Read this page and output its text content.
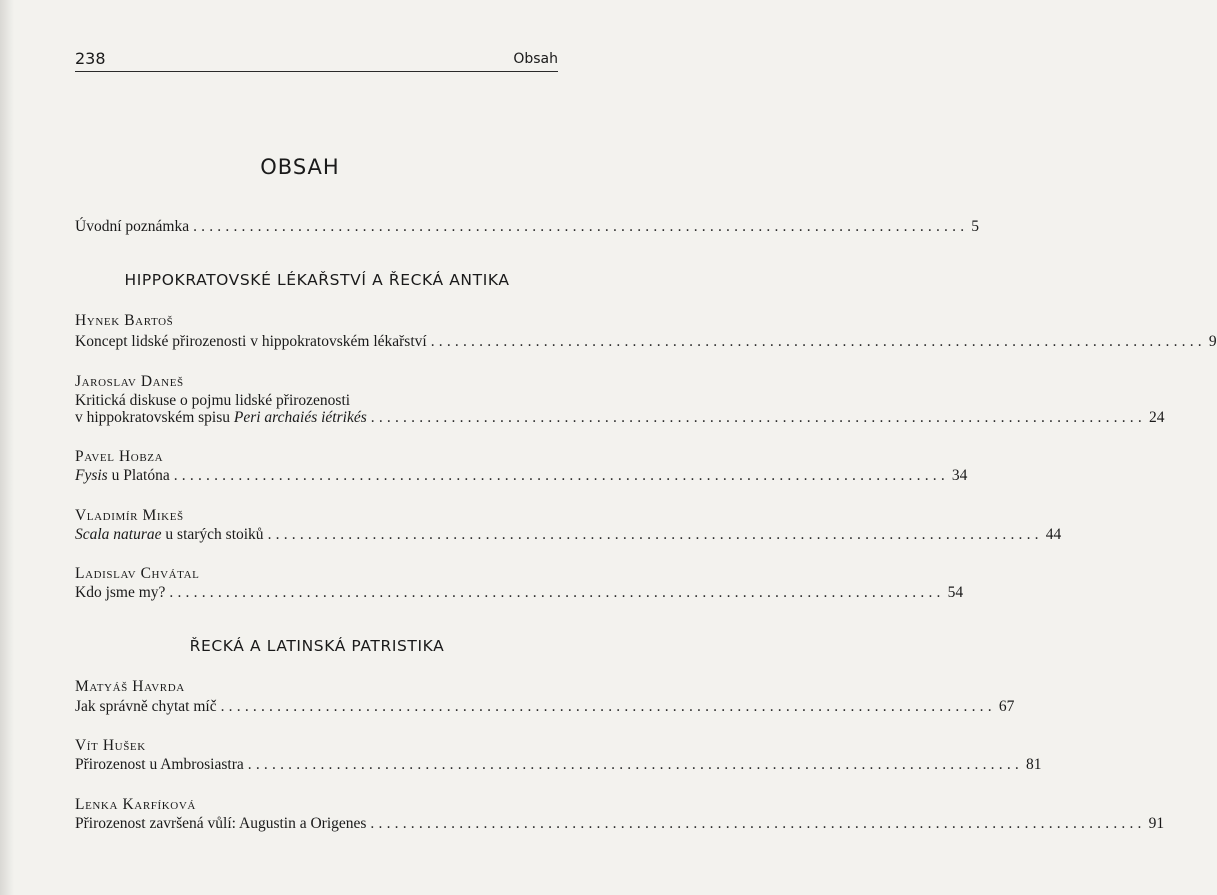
238	Obsah
OBSAH
Úvodní poznámka ................................................................................................ 5
HIPPOKRATOVSKÉ LÉKAŘSTVÍ A ŘECKÁ ANTIKA
Hynek Bartoš
Koncept lidské přirozenosti v hippokratovském lékařství ................................................................................................ 9
Jaroslav Daneš
Kritická diskuse o pojmu lidské přirozenosti
v hippokratovském spisu Peri archaiés iétrikés ................................................................................................ 24
Pavel Hobza
Fysis u Platóna ................................................................................................ 34
Vladimír Mikeš
Scala naturae u starých stoiků ................................................................................................ 44
Ladislav Chvátal
Kdo jsme my? ................................................................................................ 54
ŘECKÁ A LATINSKÁ PATRISTIKA
Matyáš Havrda
Jak správně chytat míč ................................................................................................ 67
Vít Hušek
Přirozenost u Ambrosiastra ................................................................................................ 81
Lenka Karfíková
Přirozenost završená vůlí: Augustin a Origenes ................................................................................................ 91
